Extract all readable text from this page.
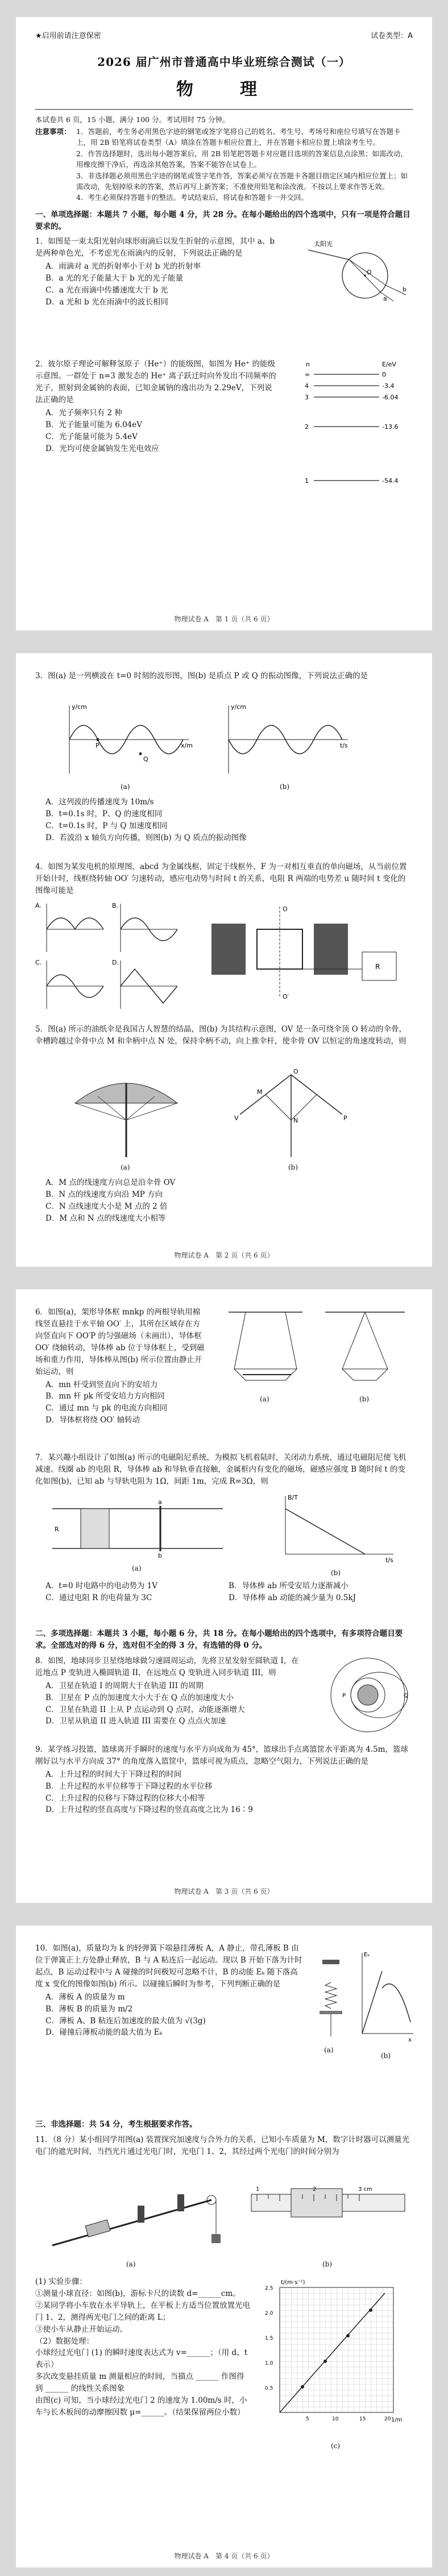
★启用前请注意保密	试卷类型：A
2026 届广州市普通高中毕业班综合测试（一）
物　理
本试卷共 6 页，15 小题，满分 100 分。考试用时 75 分钟。
注意事项： 1．答题前，考生务必用黑色字迹的钢笔或签字笔将自己的姓名、考生号、考场号和座位号填写在答题卡上，用 2B 铅笔将试卷类型（A）填涂在答题卡相应位置上，并在答题卡相应位置上填涂考生号。
2．作答选择题时，选出每小题答案后，用 2B 铅笔把答题卡对应题目选项的答案信息点涂黑；如需改动，用橡皮擦干净后，再选涂其他答案，答案不能答在试卷上。
3．非选择题必须用黑色字迹的钢笔或签字笔作答，答案必须写在答题卡各题目指定区域内相应位置上；如需改动，先划掉原来的答案，然后再写上新答案；不准使用铅笔和涂改液。不按以上要求作答无效。
4．考生必须保持答题卡的整洁。考试结束后，将试卷和答题卡一并交回。
一、单项选择题：本题共 7 小题，每小题 4 分，共 28 分。在每小题给出的四个选项中，只有一项是符合题目要求的。
1．如图是一束太阳光射向球形雨滴后以发生折射的示意图，其中 a、b 是两种单色光，不考虑光在雨滴内的反射，下列说法正确的是
A．雨滴对 a 光的折射率小于对 b 光的折射率
B．a 光的光子能量大于 b 光的光子能量
C．a 光在雨滴中传播速度大于 b 光
D．a 光和 b 光在雨滴中的波长相同
太阳光
a
b
O
2．彼尔原子理论可解释氢原子（He⁺）的能级图，如图为 He⁺ 的能级示意图。一群处于 n=3 激发态的 He⁺ 离子跃迁时向外发出不同频率的光子，照射到金属钠的表面，已知金属钠的逸出功为 2.29eV，下列说法正确的是
A．光子频率只有 2 种
B．光子能量可能为 6.04eV
C．光子能量可能为 5.4eV
D．光均可使金属钠发生光电效应
n	E/eV
∞	0
4	-3.4
3	-6.04
2	-13.6
1	-54.4
物理试卷 A　第 1 页（共 6 页）
3．图(a) 是一列横波在 t=0 时刻的波形图，图(b) 是质点 P 或 Q 的振动图像，下列说法正确的是
P
Q
y/cm
x/m
y/cm
t/s
(a)	(b)
A．这列波的传播速度为 10m/s
B．t=0.1s 时，P、Q 的速度相同
C．t=0.1s 时，P 与 Q 加速度相同
D．若波沿 x 轴负方向传播，则图(b) 为 Q 质点的振动图像
4．如图为某发电机的原理图，abcd 为金属线框，固定于线框外，F 为一对相互垂直的单向磁场，从当前位置开始计时，线框绕转轴 OO′ 匀速转动，感应电动势与时间 t 的关系，电阻 R 两端的电势差 u 随时间 t 变化的图像可能是
A.	B.
C.	D.
O
O′
R
5．图(a) 所示的油纸伞是我国古人智慧的结晶，图(b) 为其结构示意图，OV 是一条可绕伞顶 O 转动的伞骨，伞槽跨越过伞骨中点 M 和伞柄中点 N 处，保持伞柄不动，向上推伞杆，使伞骨 OV 以恒定的角速度转动，则
O
M
N
V	P
(a)	(b)
A．M 点的线速度方向总是沿伞骨 OV
B．N 点的线速度方向沿 MP 方向
C．N 点线速度大小是 M 点的 2 倍
D．M 点和 N 点的线速度大小相等
物理试卷 A　第 2 页（共 6 页）
6．如图(a)，架形导体框 mnkp 的两根导轨用棉线竖直悬挂于水平轴 OO′ 上，其所在区域存在方向竖直向下 OO′P 的匀强磁场（未画出），导体框 OO′ 绕轴转动，导体棒 ab 位于导体框上，受到磁场和重力作用，导体棒从图(b) 所示位置由静止开始运动，则
A．mn 杆受到竖直向下的安培力
B．mn 杆 pk 所受安培力方向相同
C．通过 mn 与 pk 的电流方向相同
D．导体框将绕 OO′ 轴转动
(a)	(b)
7．某兴趣小组设计了如图(a) 所示的电磁阻尼系统，为模拟飞机着陆时，关闭动力系统，通过电磁阻尼使飞机减速。线圈 ab 的电阻 R，导体棒 ab 和导轨垂直接触，金属框内有变化的磁场，磁感应强度 B 随时间 t 的变化如图(b)，已知 ab 与导轨电阻为 1Ω，间距 1m，完成 R=3Ω，则
a
b
R
B/T
t/s
(a)
(b)
A．t=0 时电路中的电动势为 1V	B．导体棒 ab 所受安培力逐渐减小
C．通过电阻 R 的电荷量为 3C	D．导体棒 ab 动能的减少量为 0.5kJ
二、多项选择题：本题共 3 小题，每小题 6 分，共 18 分。在每小题给出的四个选项中，有多项符合题目要求。全部选对的得 6 分，选对但不全的得 3 分，有选错的得 0 分。
8．如图，地球同步卫星绕地球做匀速圆周运动，先将卫星发射至圆轨道 I，在近地点 P 变轨进入椭圆轨道 II，在远地点 Q 变轨进入同步轨道 III，则
A．卫星在轨道 I 的周期大于在轨道 III 的周期
B．卫星在 P 点的加速度大小大于在 Q 点的加速度大小
C．卫星在轨道 II 上从 P 点运动到 Q 点时，动能逐渐增大
D．卫星从轨道 II 进入轨道 III 需要在 Q 点点火加速
P	Q
9．某学练习投篮，篮球离开手瞬时的速度与水平方向成角为 45°，篮球出手点离篮筐水平距离为 4.5m，篮球刚好以与水平方向成 37° 的角度落入篮筐中，篮球可视为质点，忽略空气阻力，下列说法正确的是
A．上升过程的时间大于下降过程的时间
B．上升过程的水平位移等于下降过程的水平位移
C．上升过程的位移与下降过程的位移大小相等
D．上升过程的竖直高度与下降过程的竖直高度之比为 16∶9
物理试卷 A　第 3 页（共 6 页）
10．如图(a)，质量均为 k 的轻弹簧下端悬挂薄板 A，A 静止，带孔薄板 B 由位于弹簧正上方处静止释放，B 与 A 粘连后一起运动。现以 B 开始下落为计时起点，B 运动过程中与 A 碰撞的时间极短可忽略不计，B 的动能 Eₖ 随下落高度 x 变化的图像如图(b) 所示。以碰撞后瞬时为参考，下列判断正确的是
A．薄板 A 的质量为 m
B．薄板 B 的质量为 m/2
C．薄板 A、B 粘连后加速度的最大值为 √(3g)
D．碰撞后薄板动能的最大值为 Eₖ
Eₖ
x
(a)
(b)
三、非选择题：共 54 分，考生根据要求作答。
11．（8 分）某小组同学用图(a) 装置探究加速度与合外力的关系，已知小车质量为 M，数字计时器可以测量光电门的遮光时间，当挡光片通过光电门时，光电门 1、2，其经过两个光电门的时间分别为
1	2	3 cm
(a)	(b)
(1) 实验步骤：
①测量小球直径：如图(b)，游标卡尺的读数 d=______cm。
②某同学将小车放在水平导轨上，在平板上方适当位置放置光电门 1、2，测得两光电门之间的距离 L；
③使小车从静止开始运动。
（2）数据处理：
小球经过光电门 (1) 的瞬时速度表达式为 v=______；（用 d、t 表示）
多次改变悬挂质量 m 测量相应的时间，当描点 ______ 作图得到 ______ 的线性关系图象
由图(c) 可知，当小球经过光电门 2 的速度为 1.00m/s 时，小车与长木板间的动摩擦因数 μ=______。（结果保留两位小数）
t/(m·s⁻¹)
1/m
0.5
1.0
1.5
2.0
2.5
5	10	15	20
(c)
物理试卷 A　第 4 页（共 6 页）
